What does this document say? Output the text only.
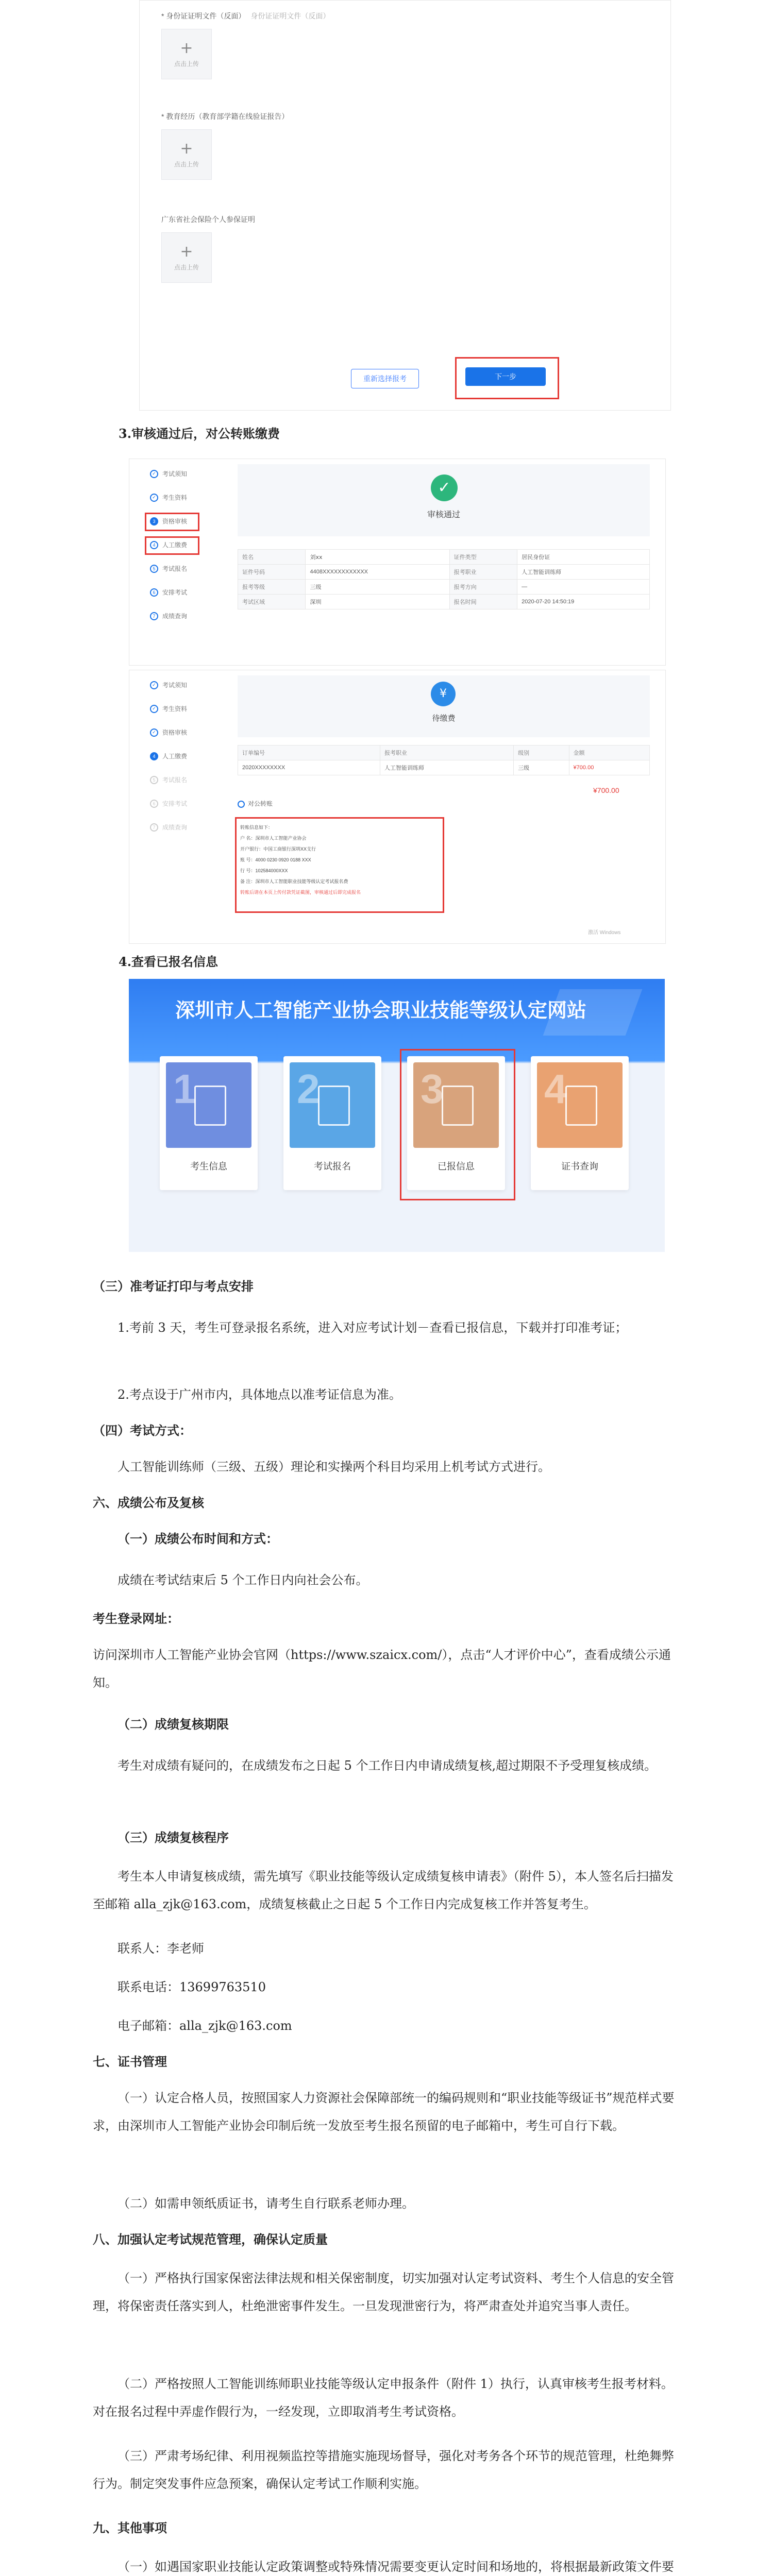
* 身份证证明文件（反面） 身份证证明文件（反面）
+
点击上传
* 教育经历（教育部学籍在线验证报告）
+
点击上传
广东省社会保险个人参保证明
+
点击上传
重新选择报考	下一步

3.审核通过后，对公转账缴费

✓	考试须知
✓	考生资料
3	资格审核
4	人工缴费
5	考试报名
6	安排考试
7	成绩查询
✓
审核通过
姓名	刘ⅹⅹ	证件类型	居民身份证
证件号码	4408XXXXXXXXXXXX	报考职业	人工智能训练师
报考等级	三级	报考方向	—
考试区域	深圳	报名时间	2020-07-20 14:50:19
✓	考试须知
✓	考生资料
✓	资格审核
4	人工缴费
5	考试报名
6	安排考试
7	成绩查询
¥
待缴费
订单编号	报考职业	级别	金额
2020XXXXXXXX	人工智能训练师	三级	¥700.00
¥700.00
对公转账
转账信息如下：
户 名：深圳市人工智能产业协会
开户银行：中国工商银行深圳XX支行
账 号：4000 0230 0920 0188 XXX
行 号：102584000XXX
备 注：深圳市人工智能职业技能等级认定考试报名费
转账后请在本页上传付款凭证截图，审核通过后即完成报名
激活 Windows

4.查看已报名信息

深圳市人工智能产业协会职业技能等级认定网站
1
考生信息
2
考试报名
3
已报信息
4
证书查询

（三）准考证打印与考点安排

1.考前 3 天，考生可登录报名系统，进入对应考试计划－查看已报信息，下载并打印准考证；

2.考点设于广州市内，具体地点以准考证信息为准。

（四）考试方式：

人工智能训练师（三级、五级）理论和实操两个科目均采用上机考试方式进行。

六、成绩公布及复核

（一）成绩公布时间和方式：

成绩在考试结束后 5 个工作日内向社会公布。

考生登录网址：

访问深圳市人工智能产业协会官网（https://www.szaicx.com/），点击“人才评价中心”，查看成绩公示通知。

（二）成绩复核期限

考生对成绩有疑问的，在成绩发布之日起 5 个工作日内申请成绩复核,超过期限不予受理复核成绩。

（三）成绩复核程序

考生本人申请复核成绩，需先填写《职业技能等级认定成绩复核申请表》（附件 5），本人签名后扫描发至邮箱 alla_zjk@163.com，成绩复核截止之日起 5 个工作日内完成复核工作并答复考生。

联系人：李老师

联系电话：13699763510

电子邮箱：alla_zjk@163.com

七、证书管理

（一）认定合格人员，按照国家人力资源社会保障部统一的编码规则和“职业技能等级证书”规范样式要求，由深圳市人工智能产业协会印制后统一发放至考生报名预留的电子邮箱中，考生可自行下载。

（二）如需申领纸质证书，请考生自行联系老师办理。

八、加强认定考试规范管理，确保认定质量

（一）严格执行国家保密法律法规和相关保密制度，切实加强对认定考试资料、考生个人信息的安全管理，将保密责任落实到人，杜绝泄密事件发生。一旦发现泄密行为，将严肃查处并追究当事人责任。

（二）严格按照人工智能训练师职业技能等级认定申报条件（附件 1）执行，认真审核考生报考材料。对在报名过程中弄虚作假行为，一经发现，立即取消考生考试资格。

（三）严肃考场纪律、利用视频监控等措施实施现场督导，强化对考务各个环节的规范管理，杜绝舞弊行为。制定突发事件应急预案，确保认定考试工作顺利实施。

九、其他事项

（一）如遇国家职业技能认定政策调整或特殊情况需要变更认定时间和场地的，将根据最新政策文件要
